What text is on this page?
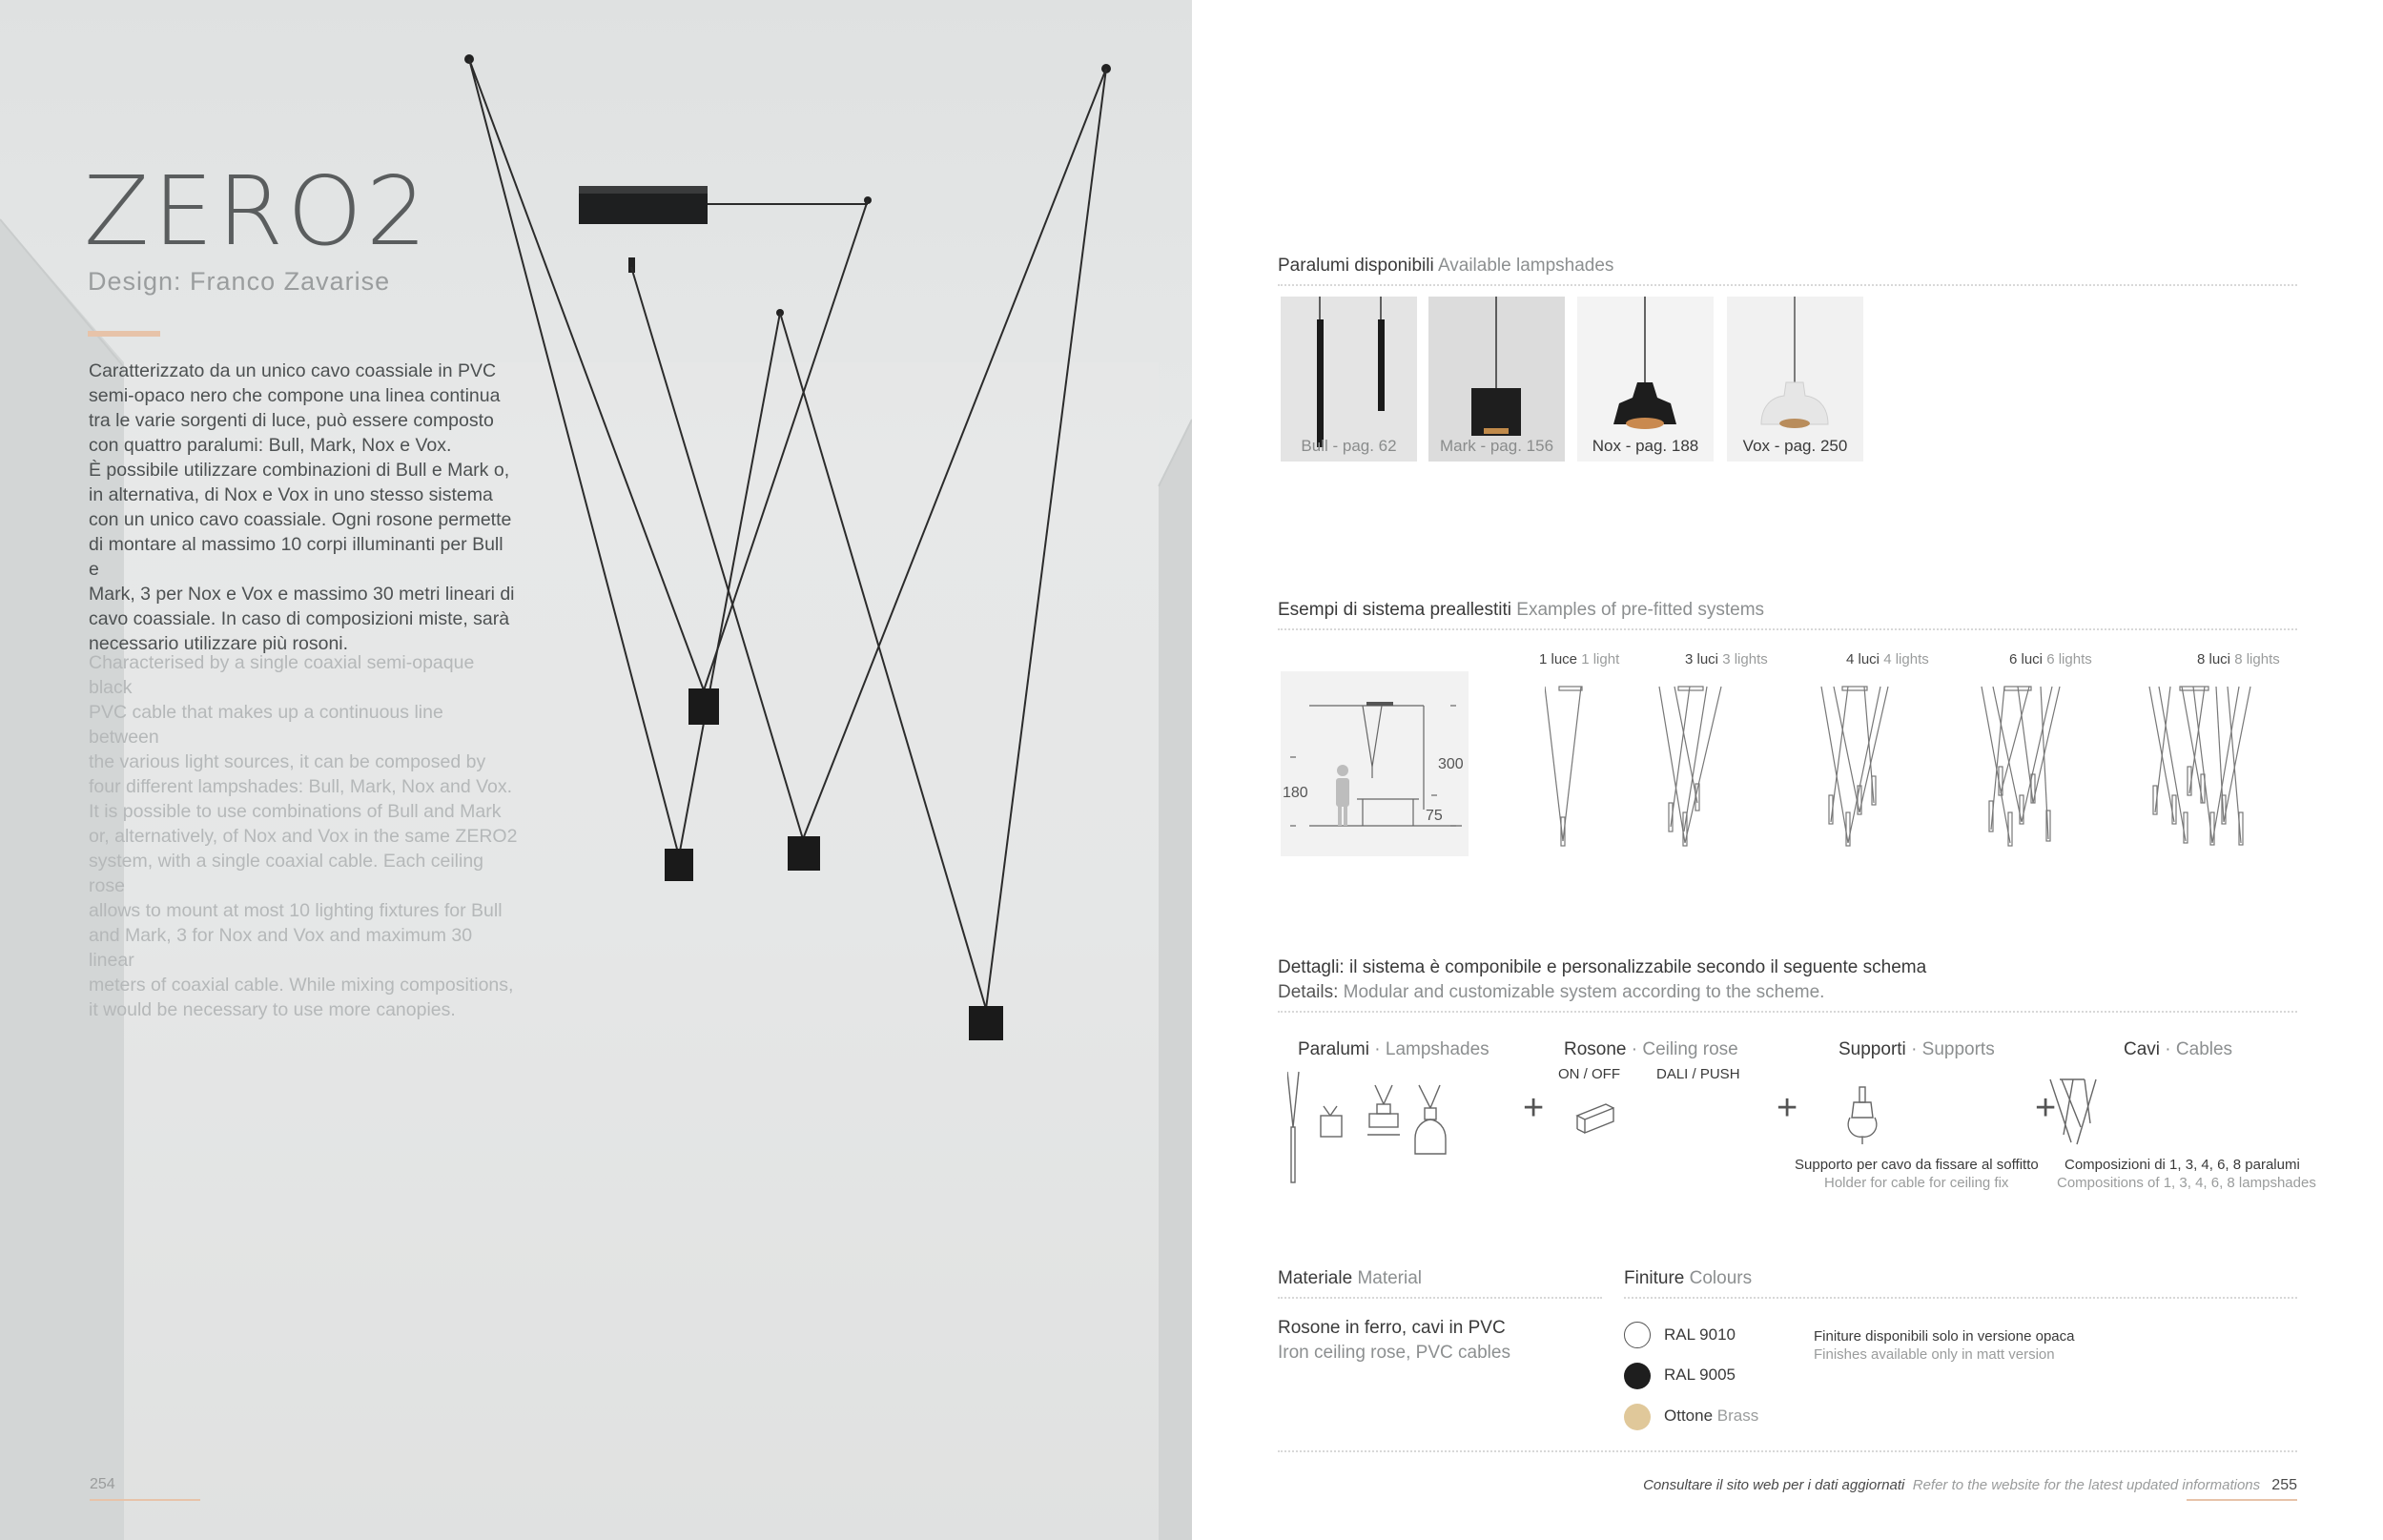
ZERO2
Design: Franco Zavarise
Caratterizzato da un unico cavo coassiale in PVC
semi-opaco nero che compone una linea continua
tra le varie sorgenti di luce, può essere composto
con quattro paralumi: Bull, Mark, Nox e Vox.
È possibile utilizzare combinazioni di Bull e Mark o,
in alternativa, di Nox e Vox in uno stesso sistema
con un unico cavo coassiale. Ogni rosone permette
di montare al massimo 10 corpi illuminanti per Bull e
Mark, 3 per Nox e Vox e massimo 30 metri lineari di
cavo coassiale. In caso di composizioni miste, sarà
necessario utilizzare più rosoni.
Characterised by a single coaxial semi-opaque black
PVC cable that makes up a continuous line between
the various light sources, it can be composed by
four different lampshades: Bull, Mark, Nox and Vox.
It is possible to use combinations of Bull and Mark
or, alternatively, of Nox and Vox in the same ZERO2
system, with a single coaxial cable. Each ceiling rose
allows to mount at most 10 lighting fixtures for Bull
and Mark, 3 for Nox and Vox and maximum 30 linear
meters of coaxial cable. While mixing compositions,
it would be necessary to use more canopies.
254
Paralumi disponibili Available lampshades
Bull - pag. 62	Mark - pag. 156	Nox - pag. 188	Vox - pag. 250
Esempi di sistema preallestiti Examples of pre-fitted systems
300
180
75
1 luce 1 light	3 luci 3 lights	4 luci 4 lights	6 luci 6 lights	8 luci 8 lights
Dettagli: il sistema è componibile e personalizzabile secondo il seguente schema
Details: Modular and customizable system according to the scheme.
Paralumi · Lampshades	Rosone · Ceiling rose
ON / OFF	DALI / PUSH
Supporti · Supports	Cavi · Cables
+	+	+
Supporto per cavo da fissare al soffitto
Holder for cable for ceiling fix
Composizioni di 1, 3, 4, 6, 8 paralumi
Compositions of 1, 3, 4, 6, 8 lampshades
Materiale Material
Rosone in ferro, cavi in PVC
Iron ceiling rose, PVC cables
Finiture Colours
RAL 9010
RAL 9005
Ottone Brass
Finiture disponibili solo in versione opaca
Finishes available only in matt version
Consultare il sito web per i dati aggiornati Refer to the website for the latest updated informations 255
